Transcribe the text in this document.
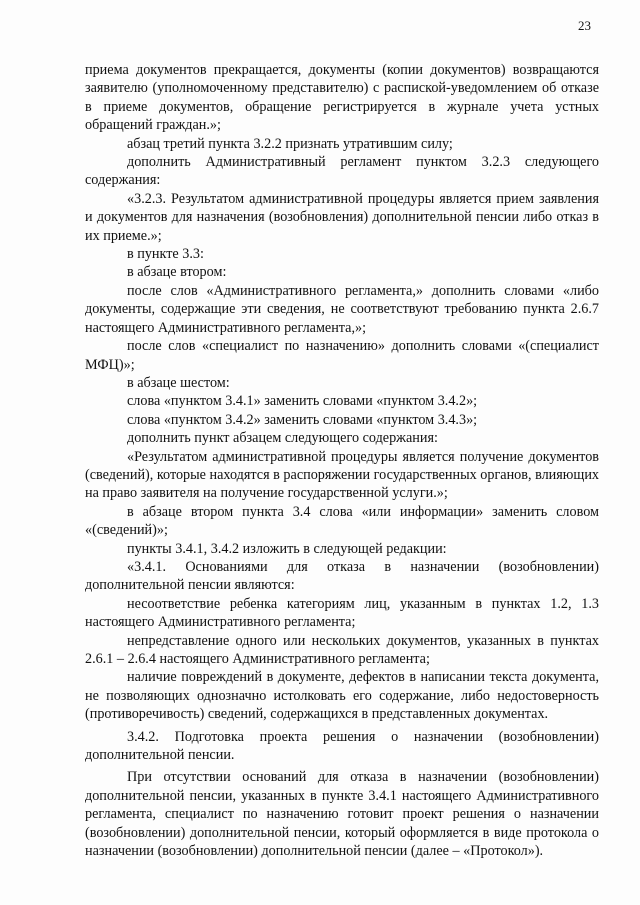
23

приема документов прекращается, документы (копии документов) возвращаются заявителю (уполномоченному представителю) с распиской-уведомлением об отказе в приеме документов, обращение регистрируется в журнале учета устных обращений граждан.»;

абзац третий пункта 3.2.2 признать утратившим силу;

дополнить Административный регламент пунктом 3.2.3 следующего содержания:

«3.2.3. Результатом административной процедуры является прием заявления и документов для назначения (возобновления) дополнительной пенсии либо отказ в их приеме.»;

в пункте 3.3:

в абзаце втором:

после слов «Административного регламента,» дополнить словами «либо документы, содержащие эти сведения, не соответствуют требованию пункта 2.6.7 настоящего Административного регламента,»;

после слов «специалист по назначению» дополнить словами «(специалист МФЦ)»;

в абзаце шестом:

слова «пунктом 3.4.1» заменить словами «пунктом 3.4.2»;

слова «пунктом 3.4.2» заменить словами «пунктом 3.4.3»;

дополнить пункт абзацем следующего содержания:

«Результатом административной процедуры является получение документов (сведений), которые находятся в распоряжении государственных органов, влияющих на право заявителя на получение государственной услуги.»;

в абзаце втором пункта 3.4 слова «или информации» заменить словом «(сведений)»;

пункты 3.4.1, 3.4.2 изложить в следующей редакции:

«3.4.1. Основаниями для отказа в назначении (возобновлении) дополнительной пенсии являются:

несоответствие ребенка категориям лиц, указанным в пунктах 1.2, 1.3 настоящего Административного регламента;

непредставление одного или нескольких документов, указанных в пунктах 2.6.1 – 2.6.4 настоящего Административного регламента;

наличие повреждений в документе, дефектов в написании текста документа, не позволяющих однозначно истолковать его содержание, либо недостоверность (противоречивость) сведений, содержащихся в представленных документах.

3.4.2. Подготовка проекта решения о назначении (возобновлении) дополнительной пенсии.

При отсутствии оснований для отказа в назначении (возобновлении) дополнительной пенсии, указанных в пункте 3.4.1 настоящего Административного регламента, специалист по назначению готовит проект решения о назначении (возобновлении) дополнительной пенсии, который оформляется в виде протокола о назначении (возобновлении) дополнительной пенсии (далее – «Протокол»).
